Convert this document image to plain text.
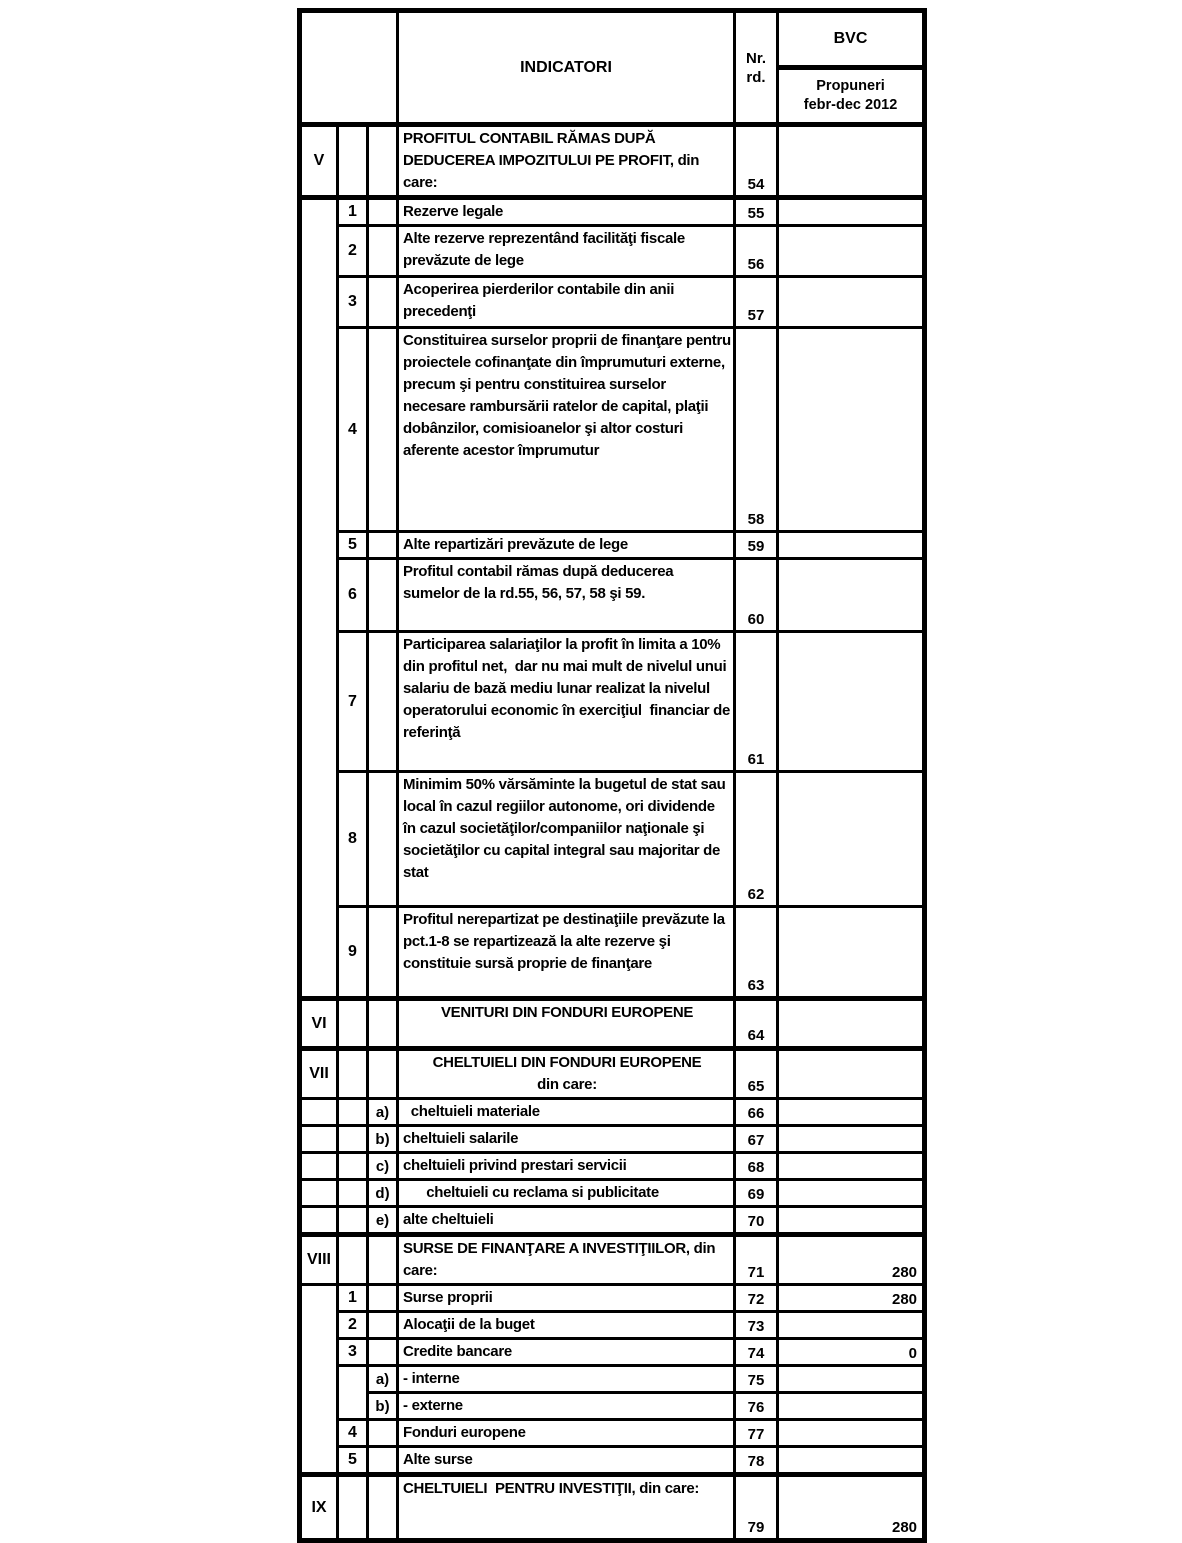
			INDICATORI	Nr.
rd.	BVC

					Propuneri
febr-dec 2012

V			PROFITUL CONTABIL RĂMAS DUPĂ DEDUCEREA IMPOZITULUI PE PROFIT, din care:	54	
	1		Rezerve legale	55	
	2		Alte rezerve reprezentând facilităţi fiscale prevăzute de lege	56	
	3		Acoperirea pierderilor contabile din anii precedenţi	57	
	4		Constituirea surselor proprii de finanţare pentru proiectele cofinanţate din împrumuturi externe, precum şi pentru constituirea surselor necesare rambursării ratelor de capital, plaţii dobânzilor, comisioanelor şi altor costuri aferente acestor împrumutur	58	
	5		Alte repartizări prevăzute de lege	59	
	6		Profitul contabil rămas după deducerea sumelor de la rd.55, 56, 57, 58 şi 59.	60	
	7		Participarea salariaţilor la profit în limita a 10% din profitul net,  dar nu mai mult de nivelul unui salariu de bază mediu lunar realizat la nivelul operatorului economic în exerciţiul  financiar de referinţă	61	
	8		Minimim 50% vărsăminte la bugetul de stat sau local în cazul regiilor autonome, ori dividende în cazul societăţilor/companiilor naţionale şi societăţilor cu capital integral sau majoritar de stat	62	
	9		Profitul nerepartizat pe destinaţiile prevăzute la pct.1-8 se repartizează la alte rezerve şi constituie sursă proprie de finanţare	63	
VI			VENITURI DIN FONDURI EUROPENE	64	
VII			CHELTUIELI DIN FONDURI EUROPENE
din care:	65	
		a)	cheltuieli materiale	66	
		b)	cheltuieli salarile	67	
		c)	cheltuieli privind prestari servicii	68	
		d)	cheltuieli cu reclama si publicitate	69	
		e)	alte cheltuieli	70	
VIII			SURSE DE FINANŢARE A INVESTIŢIILOR, din care:	71	280
	1		Surse proprii	72	280
	2		Alocaţii de la buget	73	
	3		Credite bancare	74	0
		a)	- interne	75	
		b)	- externe	76	
	4		Fonduri europene	77	
	5		Alte surse	78	
IX			CHELTUIELI  PENTRU INVESTIŢII, din care:	79	280
